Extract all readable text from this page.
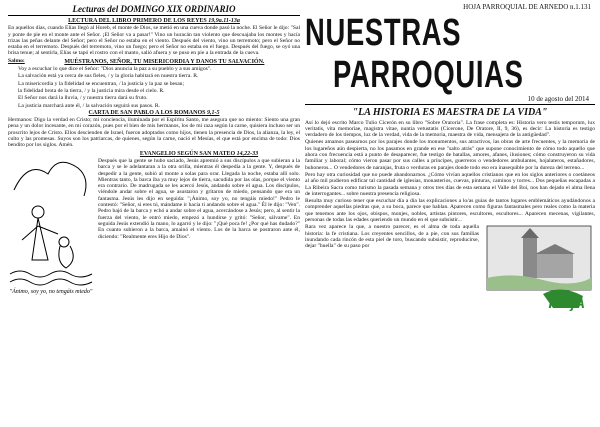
Lecturas del DOMINGO XIX ORDINARIO
LECTURA DEL LIBRO PRIMERO DE LOS REYES 19,9a.11-13a

En aquellos días, cuando Elías llegó al Horeb, el monte de Dios, se metió en una cueva donde pasó la noche. El Señor le dijo: "Sal y ponte de pie en el monte ante el Señor. ¡El Señor va a pasar!" Vino un huracán tan violento que descuajaba los montes y hacía trizas las peñas delante del Señor; pero el Señor no estaba en el viento. Después del viento, vino un terremoto; pero el Señor no estaba en el terremoto. Después del terremoto, vino un fuego; pero el Señor no estaba en el fuego. Después del fuego, se oyó una brisa tenue; al sentirla, Elías se tapó el rostro con el manto, salió afuera y se puso en pie a la entrada de la cueva.

Salmo:	MUÉSTRANOS, SEÑOR, TU MISERICORDIA Y DANOS TU SALVACIÓN.

Voy a escuchar lo que dice el Señor: "Dios anuncia la paz a su pueblo y a sus amigos".

La salvación está ya cerca de sus fieles, / y la gloria habitará en nuestra tierra. R.

La misericordia y la fidelidad se encuentran, / la justicia y la paz se besan;

la fidelidad brota de la tierra, / y la justicia mira desde el cielo. R.

El Señor nos dará la lluvia, / y nuestra tierra dará su fruto.

La justicia marchará ante él, / la salvación seguirá sus pasos. R.

CARTA DE SAN PABLO A LOS ROMANOS 9,1-5

Hermanos: Digo la verdad en Cristo; mi conciencia, iluminada por el Espíritu Santo, me asegura que no miento: Siento una gran pena y un dolor incesante, en mi corazón, pues por el bien de mis hermanos, los de mi raza según la carne, quisiera incluso ser un proscrito lejos de Cristo. Ellos descienden de Israel, fueron adoptados como hijos, tienen la presencia de Dios, la alianza, la ley, el culto y las promesas. Suyos son los patriarcas, de quienes, según la carne, nació el Mesías, el que está por encima de todo: Dios bendito por los siglos. Amén.

"Ánimo, soy yo, no tengáis miedo"
EVANGELIO SEGÚN SAN MATEO 14,22-33

Después que la gente se hubo saciado, Jesús apremió a sus discípulos a que subieran a la barca y se le adelantaran a la otra orilla, mientras él despedía a la gente. Y, después de despedir a la gente, subió al monte a solas para orar. Llegada la noche, estaba allí solo. Mientras tanto, la barca iba ya muy lejos de tierra, sacudida por las olas, porque el viento era contrario. De madrugada se les acercó Jesús, andando sobre el agua. Los discípulos, viéndole andar sobre el agua, se asustaron y gritaron de miedo, pensando que era un fantasma. Jesús les dijo en seguida: "¡Ánimo, soy yo, no tengáis miedo!" Pedro le contestó: "Señor, si eres tú, mándame ir hacia ti andando sobre el agua." Él le dijo: "Ven". Pedro bajó de la barca y echó a andar sobre el agua, acercándose a Jesús; pero, al sentir la fuerza del viento, le entró miedo, empezó a hundirse y gritó: "Señor, sálvame". En seguida Jesús extendió la mano, lo agarró y le dijo: "¡Qué poca fe! ¿Por qué has dudado?" En cuanto subieron a la barca, amainó el viento. Los de la barca se postraron ante él, diciendo: "Realmente eres Hijo de Dios".

HOJA PARROQUIAL DE ARNEDO n.1.131
NUESTRAS
PARROQUIAS
10 de agosto del 2014
"LA HISTORIA ES MAESTRA DE LA VIDA"

Así lo dejó escrito Marco Tulio Cicerón en su libro "Sobre Oratoria". La frase completa es: Historia vero testis temporum, lux veritatis, vita memoriae, magistra vitae, nuntia vetustatis (Cicerone, De Oratore, II, 9, 36), es decir: La historia es testigo verdadero de los tiempos, luz de la verdad, vida de la memoria, maestra de vida, mensajera de la antigüedad".

Quienes amamos pasearnos por los parajes donde los monumentos, sus atractivos, las obras de arte frecuentes, y la memoria de los lugareños aún despierta, no los pasamos en grande en ese "salto atrás" que supone conocimiento de cómo todo aquello que ahora con frecuencia está a punto de desaparecer, fue testigo de batallas, amores, afanes, ilusiones; cómo construyeron su vida familiar y laboral; cómo vieron pasar por sus calles a príncipes, guerreros o vendedores ambulantes, hojalateros, estañadores, buhoneros... O vendedores de naranjas, fruta o verduras en parajes donde todo eso era inasequible por la dureza del terreno...

Pero hay otra curiosidad que no puede abandonarnos. ¿Cómo vivían aquellos cristianos que en los siglos anteriores o coetáneos al año mil pudieron edificar tal cantidad de iglesias, monasterios, cuevas, pinturas, caminos y torres... Dos pequeñas escapadas a La Ribeira Sacra como turismo la pasada semana y otros tres días de esta semana el Valle del Boí, nos han dejado el alma llena de interrogantes... sobre nuestra presencia religiosa.

Resulta muy curioso tener que escuchar día a día las explicaciones a lo/as guías de tantos lugares emblemáticos ayudándonos a comprender aquellas piedras que, a su boca, parece que hablan. Aparecen como figuras fantasmales pero reales como la materia que tenemos ante los ojos, obispos, monjes, nobles, artistas pintores, escultores, escultores... Aparecen mecenas, vigilantes, personas de todas las edades queriendo un mundo en el que subsistir...

Rara vez aparece la que, a nuestro parecer, es el alma de toda aquella historia: la fe cristiana. Los creyentes sencillos, de a pie, con sus familias inundando cada rincón de esta piel de toro, buscando subsistir, reproducirse, dejar "huella" de su paso por

RiojA
